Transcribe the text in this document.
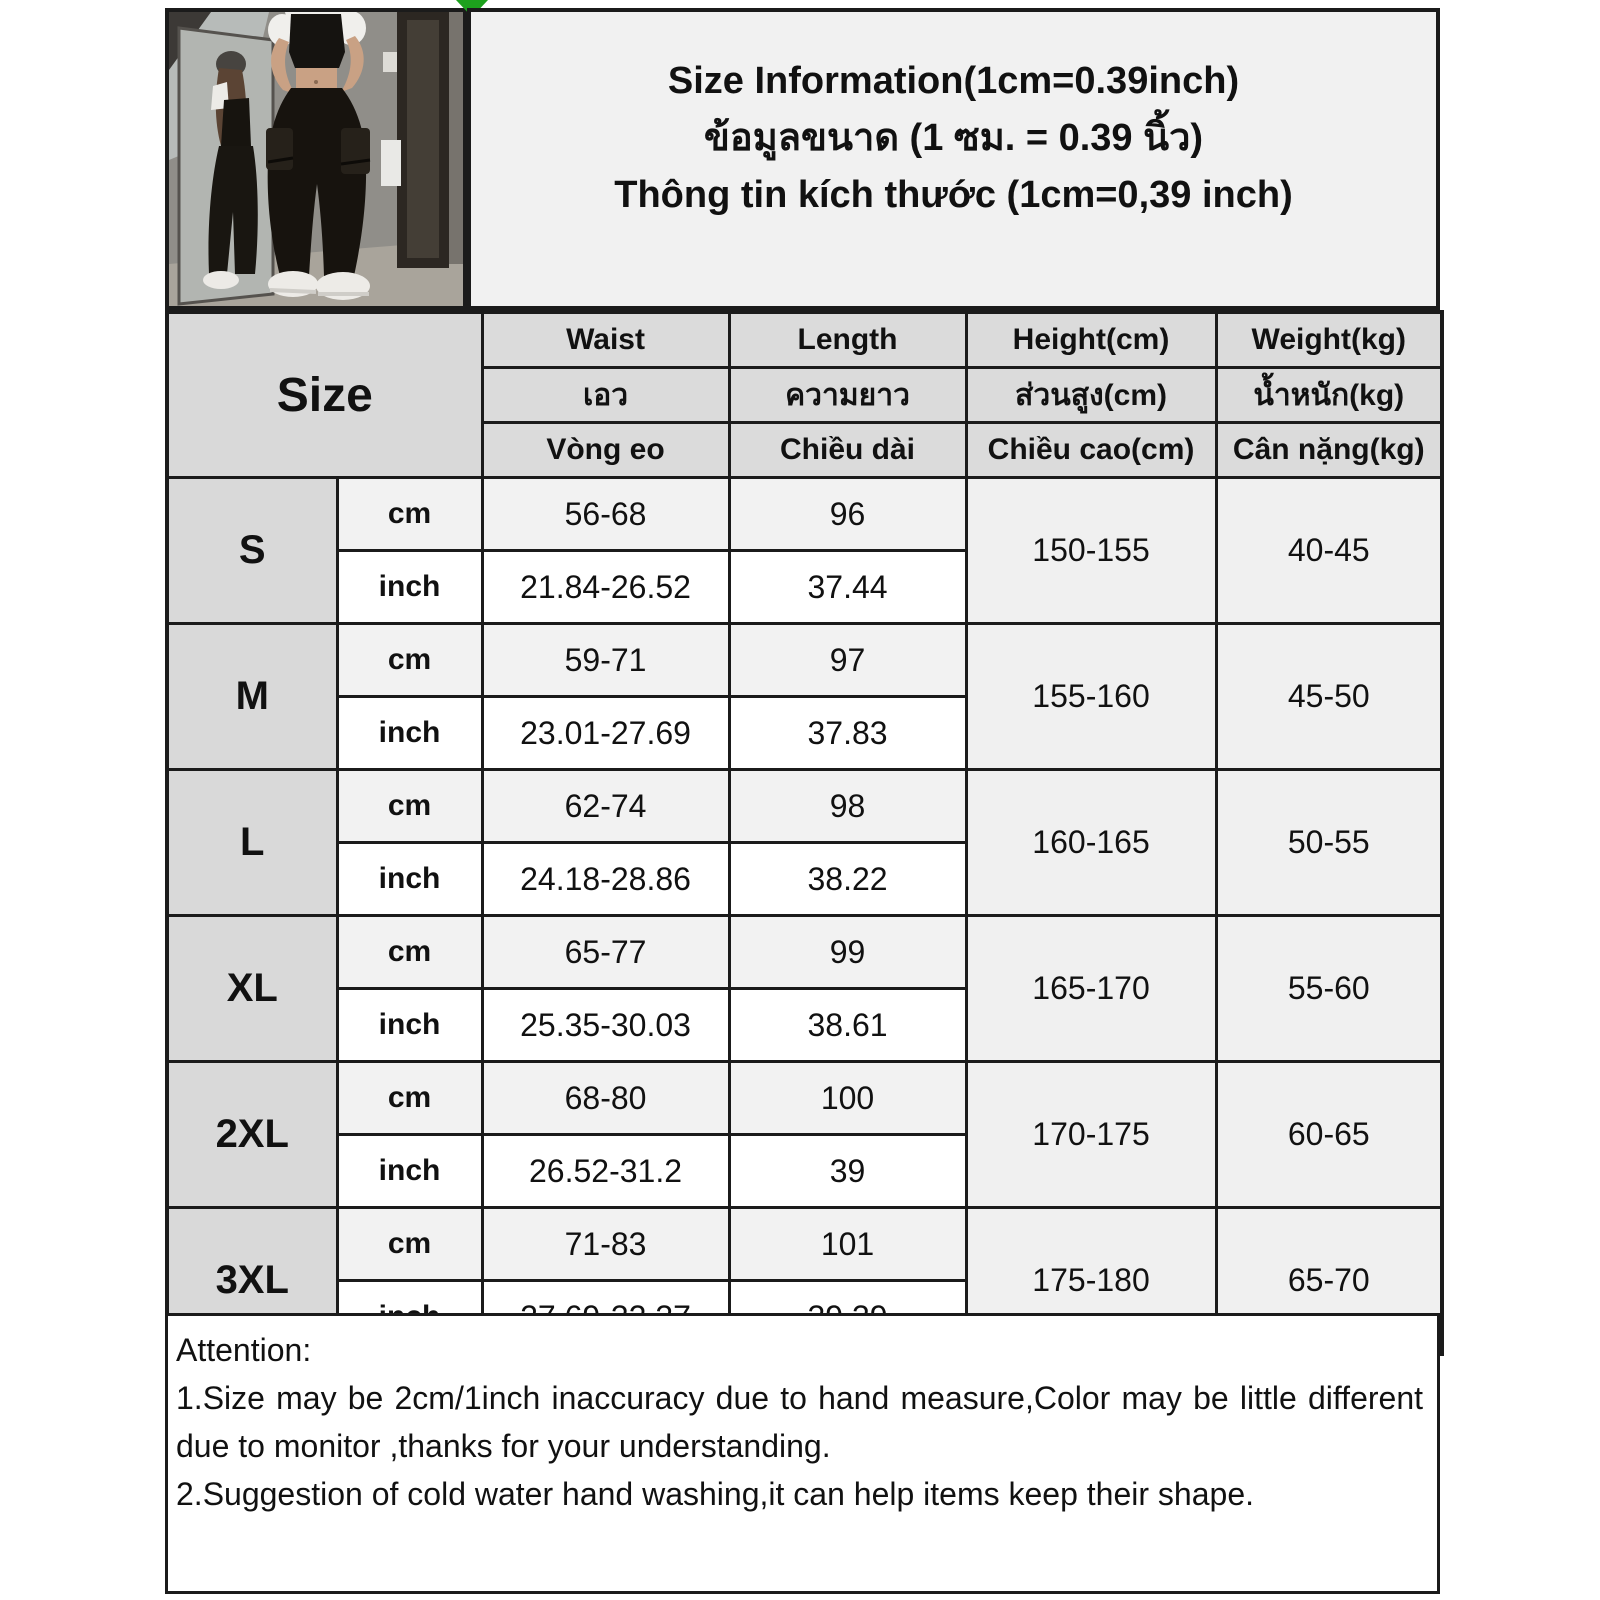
Size Information(1cm=0.39inch)
ข้อมูลขนาด (1 ซม. = 0.39 นิ้ว)
Thông tin kích thước (1cm=0,39 inch)
Size		Waist	Length	Height(cm)	Weight(kg)
		เอว	ความยาว	ส่วนสูง(cm)	น้ำหนัก(kg)
		Vòng eo	Chiều dài	Chiều cao(cm)	Cân nặng(kg)
S	cm	56-68	96	150-155	40-45
	inch	21.84-26.52	37.44		
M	cm	59-71	97	155-160	45-50
	inch	23.01-27.69	37.83		
L	cm	62-74	98	160-165	50-55
	inch	24.18-28.86	38.22		
XL	cm	65-77	99	165-170	55-60
	inch	25.35-30.03	38.61		
2XL	cm	68-80	100	170-175	60-65
	inch	26.52-31.2	39		
3XL	cm	71-83	101	175-180	65-70

Attention:

1.Size may be 2cm/1inch inaccuracy due to hand measure,Color may be little different due to monitor ,thanks for your understanding.

2.Suggestion of cold water hand washing,it can help items keep their shape.
